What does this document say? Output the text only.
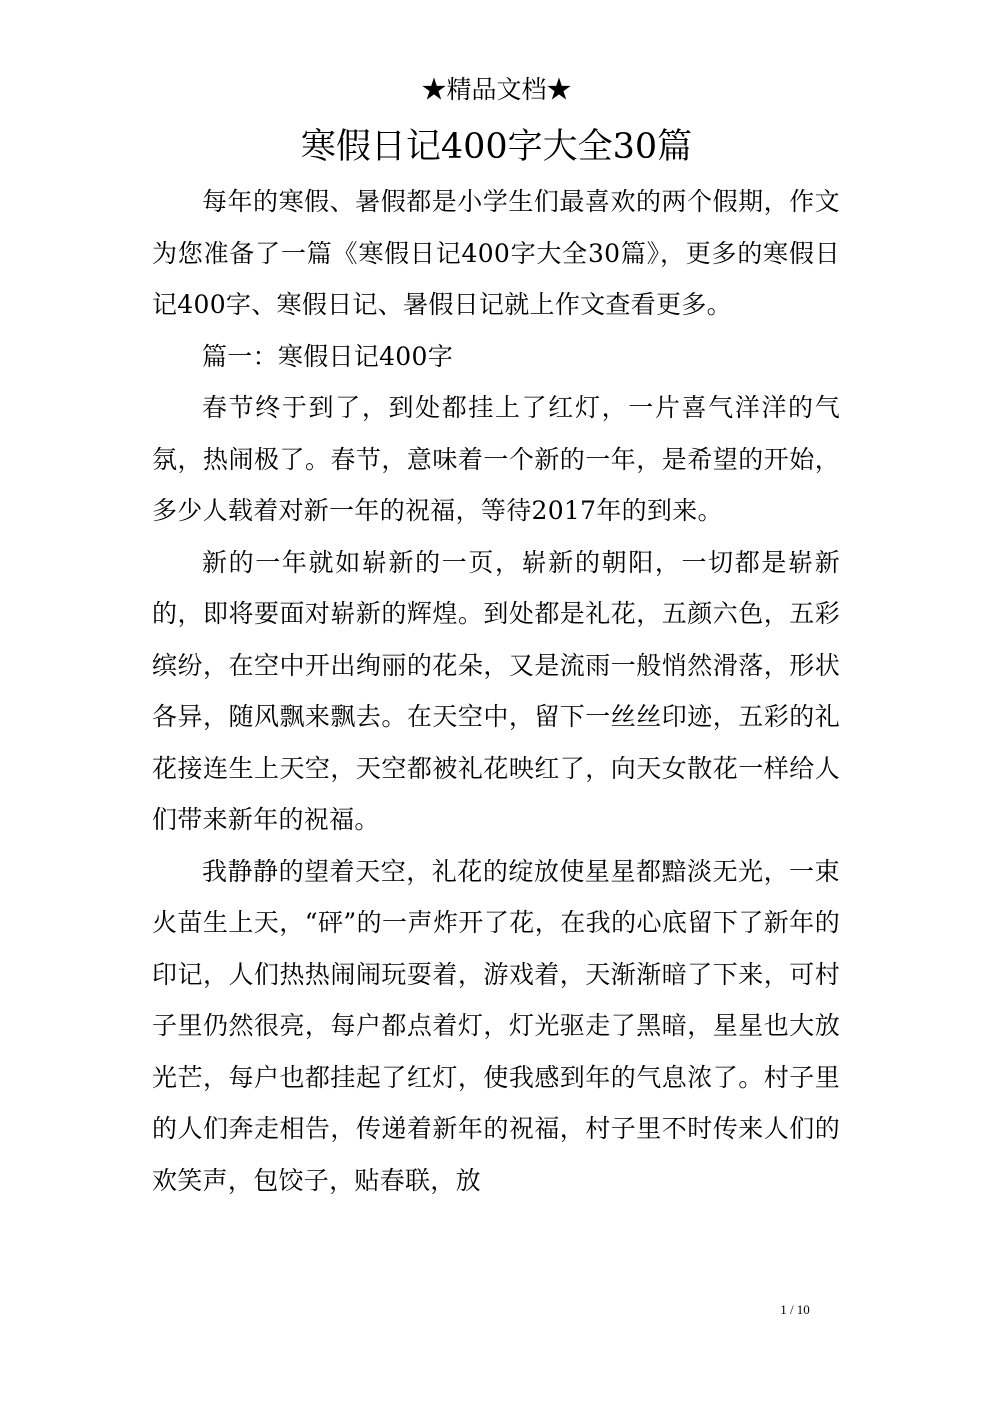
★精品文档★
寒假日记400字大全30篇

每年的寒假、暑假都是小学生们最喜欢的两个假期，作文为您准备了一篇《寒假日记400字大全30篇》，更多的寒假日记400字、寒假日记、暑假日记就上作文查看更多。

篇一：寒假日记400字

春节终于到了，到处都挂上了红灯，一片喜气洋洋的气氛，热闹极了。春节，意味着一个新的一年，是希望的开始，多少人载着对新一年的祝福，等待2017年的到来。

新的一年就如崭新的一页，崭新的朝阳，一切都是崭新的，即将要面对崭新的辉煌。到处都是礼花，五颜六色，五彩缤纷，在空中开出绚丽的花朵，又是流雨一般悄然滑落，形状各异，随风飘来飘去。在天空中，留下一丝丝印迹，五彩的礼花接连生上天空，天空都被礼花映红了，向天女散花一样给人们带来新年的祝福。

我静静的望着天空，礼花的绽放使星星都黯淡无光，一束火苗生上天，“砰”的一声炸开了花，在我的心底留下了新年的印记，人们热热闹闹玩耍着，游戏着，天渐渐暗了下来，可村子里仍然很亮，每户都点着灯，灯光驱走了黑暗，星星也大放光芒，每户也都挂起了红灯，使我感到年的气息浓了。村子里的人们奔走相告，传递着新年的祝福，村子里不时传来人们的欢笑声，包饺子，贴春联，放

1 / 10
